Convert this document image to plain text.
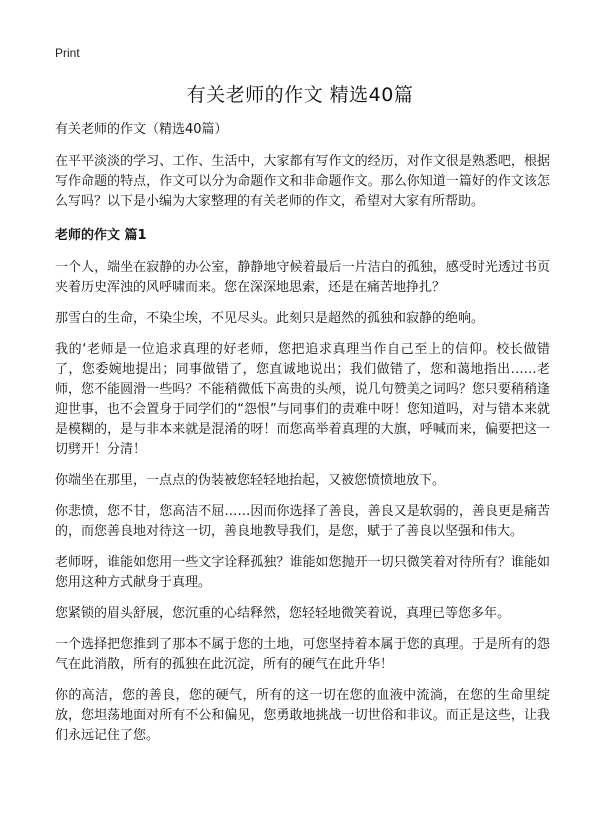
Print
有关老师的作文 精选40篇

有关老师的作文（精选40篇）

在平平淡淡的学习、工作、生活中，大家都有写作文的经历，对作文很是熟悉吧，根据写作命题的特点，作文可以分为命题作文和非命题作文。那么你知道一篇好的作文该怎么写吗？以下是小编为大家整理的有关老师的作文，希望对大家有所帮助。

老师的作文 篇1

一个人，端坐在寂静的办公室，静静地守候着最后一片洁白的孤独，感受时光透过书页夹着历史浑浊的风呼啸而来。您在深深地思索，还是在痛苦地挣扎？

那雪白的生命，不染尘埃，不见尽头。此刻只是超然的孤独和寂静的绝响。

我的‘老师是一位追求真理的好老师，您把追求真理当作自己至上的信仰。校长做错了，您委婉地提出；同事做错了，您直诚地说出；我们做错了，您和蔼地指出……老师，您不能圆滑一些吗？不能稍微低下高贵的头颅，说几句赞美之词吗？您只要稍稍逢迎世事，也不会置身于同学们的“怨恨”与同事们的责难中呀！您知道吗，对与错本来就是模糊的，是与非本来就是混淆的呀！而您高举着真理的大旗，呼喊而来，偏要把这一切劈开！分清！

你端坐在那里，一点点的伪装被您轻轻地抬起，又被您愤愤地放下。

你悲愤，您不甘，您高洁不屈……因而你选择了善良，善良又是软弱的，善良更是痛苦的，而您善良地对待这一切，善良地教导我们，是您，赋于了善良以坚强和伟大。

老师呀，谁能如您用一些文字诠释孤独？谁能如您抛开一切只微笑着对待所有？谁能如您用这种方式献身于真理。

您紧锁的眉头舒展，您沉重的心结释然，您轻轻地微笑着说，真理已等您多年。

一个选择把您推到了那本不属于您的土地，可您坚持着本属于您的真理。于是所有的怨气在此消散，所有的孤独在此沉淀，所有的硬气在此升华！

你的高洁，您的善良，您的硬气，所有的这一切在您的血液中流淌，在您的生命里绽放，您坦荡地面对所有不公和偏见，您勇敢地挑战一切世俗和非议。而正是这些，让我们永远记住了您。
